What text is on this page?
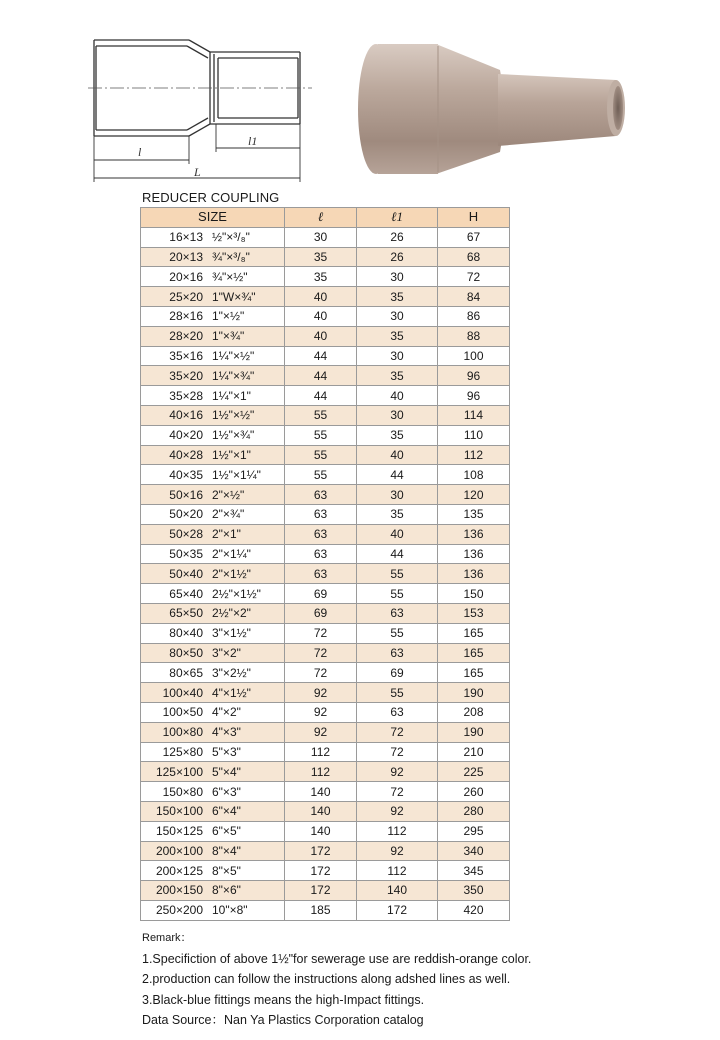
l
l1
L
REDUCER COUPLING
SIZE	ℓ	ℓ1	H
16×13 ½"×³/₈"	30	26	67
20×13 ¾"×³/₈"	35	26	68
20×16 ¾"×½"	35	30	72
25×20 1"W×¾"	40	35	84
28×16 1"×½"	40	30	86
28×20 1"×¾"	40	35	88
35×16 1¼"×½"	44	30	100
35×20 1¼"×¾"	44	35	96
35×28 1¼"×1"	44	40	96
40×16 1½"×½"	55	30	114
40×20 1½"×¾"	55	35	110
40×28 1½"×1"	55	40	112
40×35 1½"×1¼"	55	44	108
50×16 2"×½"	63	30	120
50×20 2"×¾"	63	35	135
50×28 2"×1"	63	40	136
50×35 2"×1¼"	63	44	136
50×40 2"×1½"	63	55	136
65×40 2½"×1½"	69	55	150
65×50 2½"×2"	69	63	153
80×40 3"×1½"	72	55	165
80×50 3"×2"	72	63	165
80×65 3"×2½"	72	69	165
100×40 4"×1½"	92	55	190
100×50 4"×2"	92	63	208
100×80 4"×3"	92	72	190
125×80 5"×3"	112	72	210
125×100 5"×4"	112	92	225
150×80 6"×3"	140	72	260
150×100 6"×4"	140	92	280
150×125 6"×5"	140	112	295
200×100 8"×4"	172	92	340
200×125 8"×5"	172	112	345
200×150 8"×6"	172	140	350
250×200 10"×8"	185	172	420
Remark：
1.Specifiction of above 1½"for sewerage use are reddish-orange color.
2.production can follow the instructions along adshed lines as well.
3.Black-blue fittings means the high-Impact fittings.
Data Source：Nan Ya Plastics Corporation catalog
